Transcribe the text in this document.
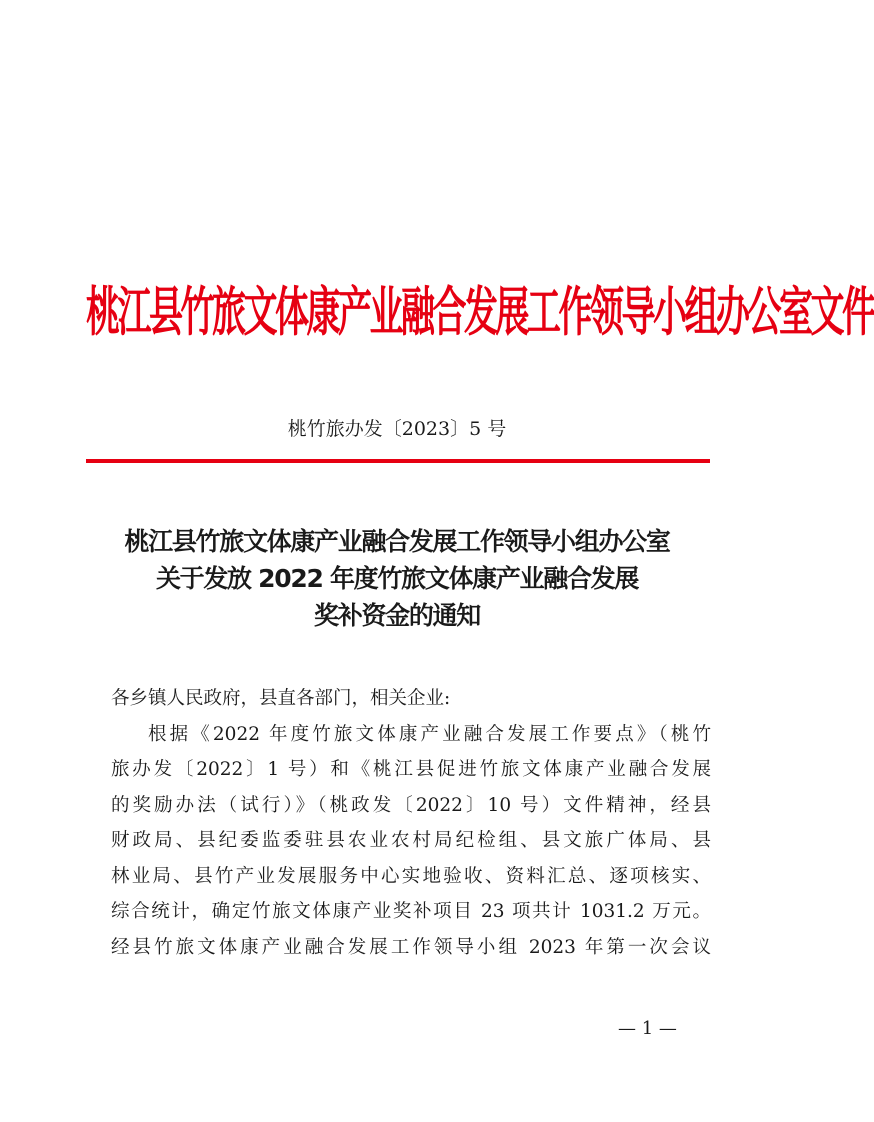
桃江县竹旅文体康产业融合发展工作领导小组办公室文件
桃竹旅办发〔2023〕5 号
桃江县竹旅文体康产业融合发展工作领导小组办公室
关于发放 2022 年度竹旅文体康产业融合发展
奖补资金的通知
各乡镇人民政府，县直各部门，相关企业:
根据《2022 年度竹旅文体康产业融合发展工作要点》（桃竹
旅办发〔2022〕1 号）和《桃江县促进竹旅文体康产业融合发展
的奖励办法（试行）》（桃政发〔2022〕10 号）文件精神，经县
财政局、县纪委监委驻县农业农村局纪检组、县文旅广体局、县
林业局、县竹产业发展服务中心实地验收、资料汇总、逐项核实、
综合统计，确定竹旅文体康产业奖补项目 23 项共计 1031.2 万元。
经县竹旅文体康产业融合发展工作领导小组 2023 年第一次会议
— 1 —
